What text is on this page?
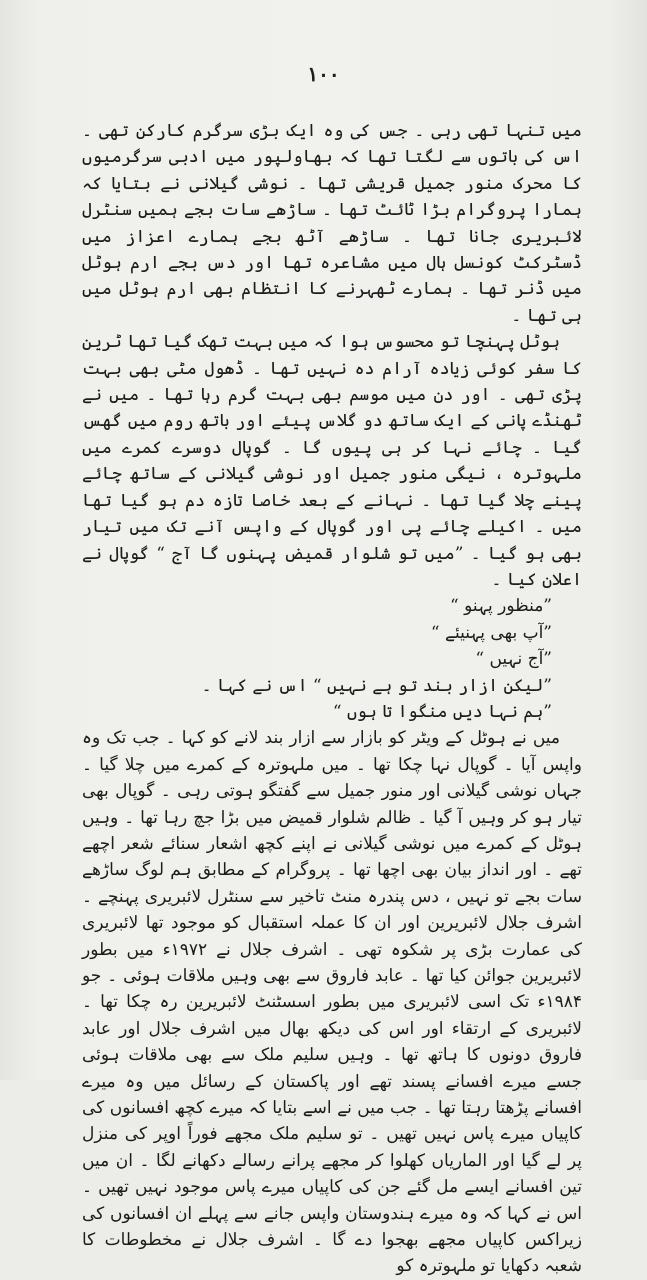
۱۰۰

میں تنہا تھی رہی ۔ جس کی وہ ایک بڑی سرگرم کارکن تھی ۔ اس کی باتوں سے لگتا تھا کہ بھاولپور میں ادبی سرگرمیوں کا محرک منور جمیل قریشی تھا ۔ نوشی گیلانی نے بتایا کہ ہمارا پروگرام بڑا ٹائٹ تھا ۔ ساڑھے سات بجے ہمیں سنٹرل لائبریری جانا تھا ۔ ساڑھے آٹھ بجے ہمارے اعزاز میں ڈسٹرکٹ کونسل ہال میں مشاعرہ تھا اور دس بجے ارم ہوٹل میں ڈنر تھا ۔ ہمارے ٹھہرنے کا انتظام بھی ارم ہوٹل میں ہی تھا ۔

ہوٹل پہنچا تو محسوس ہوا کہ میں بہت تھک گیا تھا ٹرین کا سفر کوئی زیادہ آرام دہ نہیں تھا ۔ ڈھول مٹی بھی بہت پڑی تھی ۔ اور دن میں موسم بھی بہت گرم رہا تھا ۔ میں نے ٹھنڈے پانی کے ایک ساتھ دو گلاس پیئے اور باتھ روم میں گھس گیا ۔ چائے نہا کر ہی پیوں گا ۔ گوپال دوسرے کمرے میں ملہوترہ ، نیگی منور جمیل اور نوشی گیلانی کے ساتھ چائے پینے چلا گیا تھا ۔ نہانے کے بعد خاصا تازہ دم ہو گیا تھا میں ۔ اکیلے چائے پی اور گوپال کے واپس آنے تک میں تیار بھی ہو گیا ۔ ”میں تو شلوار قمیض پہنوں گا آج “ گوپال نے اعلان کیا ۔

”منظور پہنو “

”آپ بھی پہنیئے “

”آج نہیں “

”لیکن ازار بند تو ہے نہیں “ اس نے کہا ۔

”ہم نہا دیں منگوا تا ہوں “

میں نے ہوٹل کے ویٹر کو بازار سے ازار بند لانے کو کہا ۔ جب تک وہ واپس آیا ۔ گوپال نہا چکا تھا ۔ میں ملہوترہ کے کمرے میں چلا گیا ۔ جہاں نوشی گیلانی اور منور جمیل سے گفتگو ہوتی رہی ۔ گوپال بھی تیار ہو کر وہیں آ گیا ۔ ظالم شلوار قمیض میں بڑا جچ رہا تھا ۔ وہیں ہوٹل کے کمرے میں نوشی گیلانی نے اپنے کچھ اشعار سنائے شعر اچھے تھے ۔ اور انداز بیان بھی اچھا تھا ۔ پروگرام کے مطابق ہم لوگ ساڑھے سات بجے تو نہیں ، دس پندرہ منٹ تاخیر سے سنٹرل لائبریری پہنچے ۔ اشرف جلال لائبریرین اور ان کا عملہ استقبال کو موجود تھا لائبریری کی عمارت بڑی پر شکوہ تھی ۔ اشرف جلال نے ۱۹۷۲ء میں بطور لائبریرین جوائن کیا تھا ۔ عابد فاروق سے بھی وہیں ملاقات ہوئی ۔ جو ۱۹۸۴ء تک اسی لائبریری میں بطور اسسٹنٹ لائبریرین رہ چکا تھا ۔ لائبریری کے ارتقاء اور اس کی دیکھ بھال میں اشرف جلال اور عابد فاروق دونوں کا ہاتھ تھا ۔ وہیں سلیم ملک سے بھی ملاقات ہوئی جسے میرے افسانے پسند تھے اور پاکستان کے رسائل میں وہ میرے افسانے پڑھتا رہتا تھا ۔ جب میں نے اسے بتایا کہ میرے کچھ افسانوں کی کاپیاں میرے پاس نہیں تھیں ۔ تو سلیم ملک مجھے فوراً اوپر کی منزل پر لے گیا اور الماریاں کھلوا کر مجھے پرانے رسالے دکھانے لگا ۔ ان میں تین افسانے ایسے مل گئے جن کی کاپیاں میرے پاس موجود نہیں تھیں ۔ اس نے کہا کہ وہ میرے ہندوستان واپس جانے سے پہلے ان افسانوں کی زیراکس کاپیاں مجھے بھجوا دے گا ۔ اشرف جلال نے مخطوطات کا شعبہ دکھایا تو ملہوترہ کو
